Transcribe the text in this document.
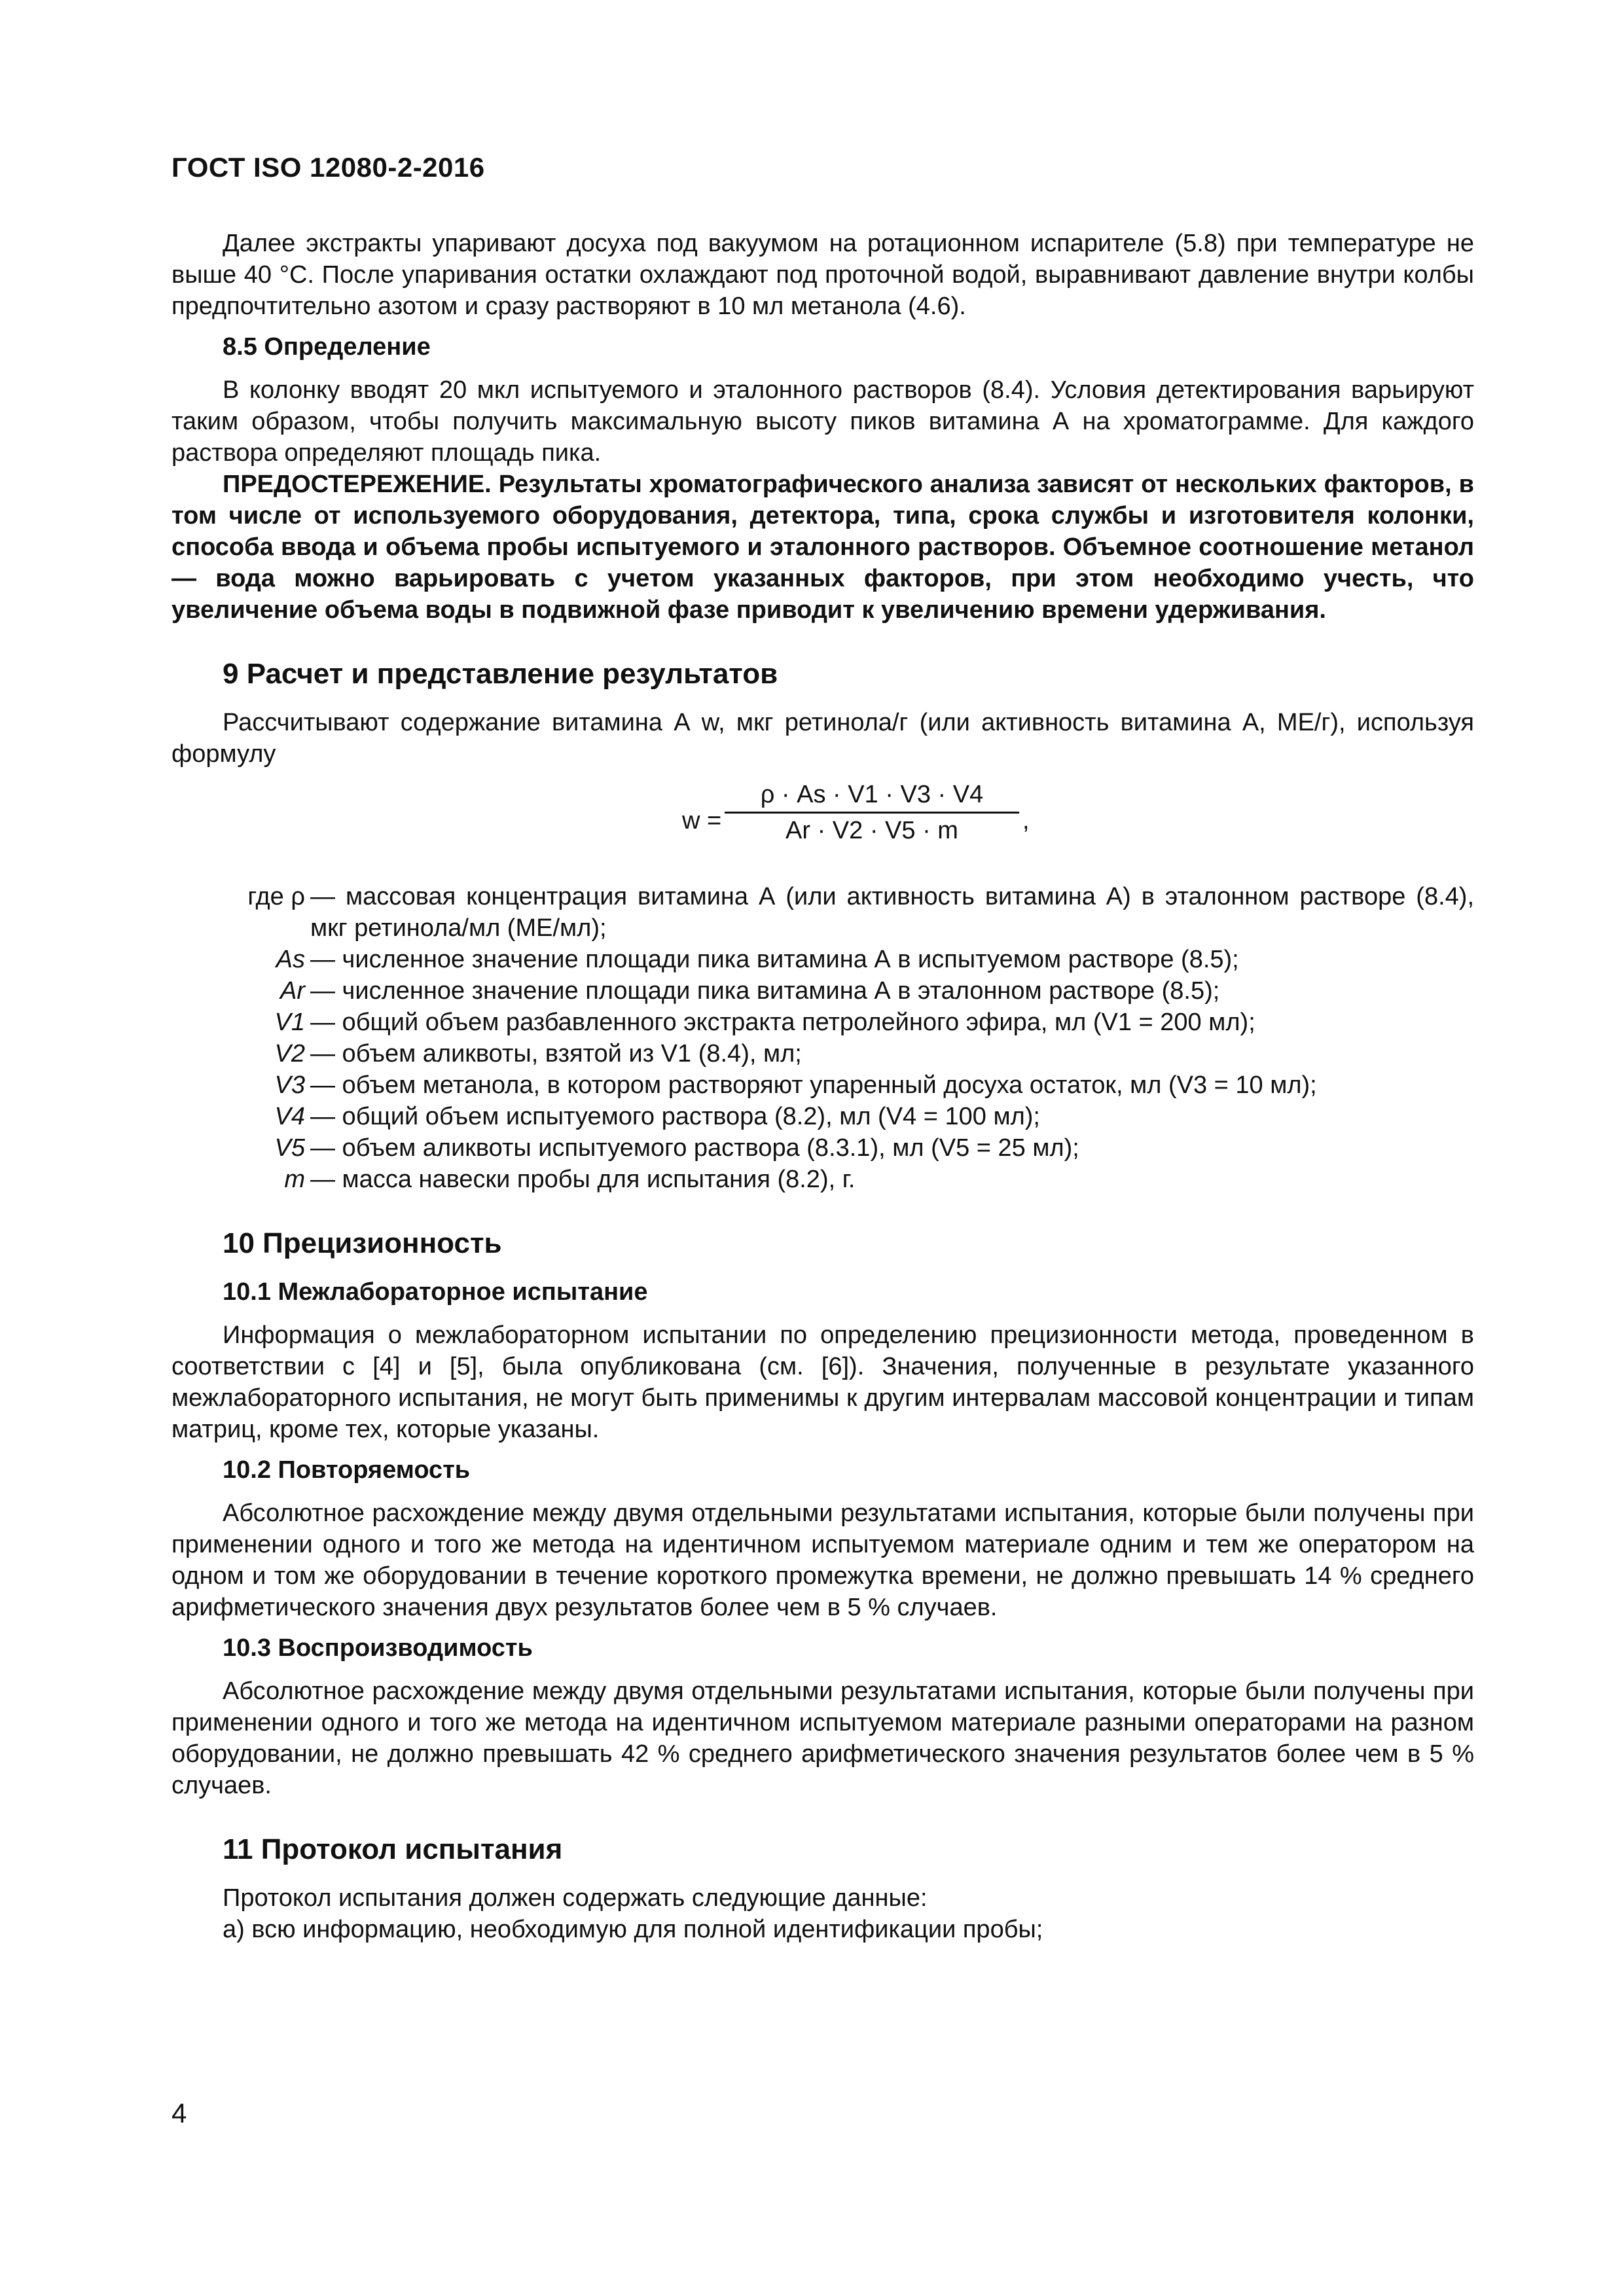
ГОСТ ISO 12080-2-2016

Далее экстракты упаривают досуха под вакуумом на ротационном испарителе (5.8) при температуре не выше 40 °C. После упаривания остатки охлаждают под проточной водой, выравнивают давление внутри колбы предпочтительно азотом и сразу растворяют в 10 мл метанола (4.6).

8.5 Определение

В колонку вводят 20 мкл испытуемого и эталонного растворов (8.4). Условия детектирования варьируют таким образом, чтобы получить максимальную высоту пиков витамина А на хроматограмме. Для каждого раствора определяют площадь пика.

ПРЕДОСТЕРЕЖЕНИЕ. Результаты хроматографического анализа зависят от нескольких факторов, в том числе от используемого оборудования, детектора, типа, срока службы и изготовителя колонки, способа ввода и объема пробы испытуемого и эталонного растворов. Объемное соотношение метанол — вода можно варьировать с учетом указанных факторов, при этом необходимо учесть, что увеличение объема воды в подвижной фазе приводит к увеличению времени удерживания.

9 Расчет и представление результатов

Рассчитывают содержание витамина А w, мкг ретинола/г (или активность витамина А, МЕ/г), используя формулу

$w = \frac{\rho \cdot As \cdot V1 \cdot V3 \cdot V4}{Ar \cdot V2 \cdot V5 \cdot m}$ ,
где ρ — массовая концентрация витамина А (или активность витамина А) в эталонном растворе (8.4), мкг ретинола/мл (МЕ/мл);
As — численное значение площади пика витамина А в испытуемом растворе (8.5);
Ar — численное значение площади пика витамина А в эталонном растворе (8.5);
V1 — общий объем разбавленного экстракта петролейного эфира, мл (V1 = 200 мл);
V2 — объем аликвоты, взятой из V1 (8.4), мл;
V3 — объем метанола, в котором растворяют упаренный досуха остаток, мл (V3 = 10 мл);
V4 — общий объем испытуемого раствора (8.2), мл (V4 = 100 мл);
V5 — объем аликвоты испытуемого раствора (8.3.1), мл (V5 = 25 мл);
m — масса навески пробы для испытания (8.2), г.
10 Прецизионность
10.1 Межлабораторное испытание

Информация о межлабораторном испытании по определению прецизионности метода, проведенном в соответствии с [4] и [5], была опубликована (см. [6]). Значения, полученные в результате указанного межлабораторного испытания, не могут быть применимы к другим интервалам массовой концентрации и типам матриц, кроме тех, которые указаны.

10.2 Повторяемость

Абсолютное расхождение между двумя отдельными результатами испытания, которые были получены при применении одного и того же метода на идентичном испытуемом материале одним и тем же оператором на одном и том же оборудовании в течение короткого промежутка времени, не должно превышать 14 % среднего арифметического значения двух результатов более чем в 5 % случаев.

10.3 Воспроизводимость

Абсолютное расхождение между двумя отдельными результатами испытания, которые были получены при применении одного и того же метода на идентичном испытуемом материале разными операторами на разном оборудовании, не должно превышать 42 % среднего арифметического значения результатов более чем в 5 % случаев.

11 Протокол испытания

Протокол испытания должен содержать следующие данные:

a) всю информацию, необходимую для полной идентификации пробы;

4
